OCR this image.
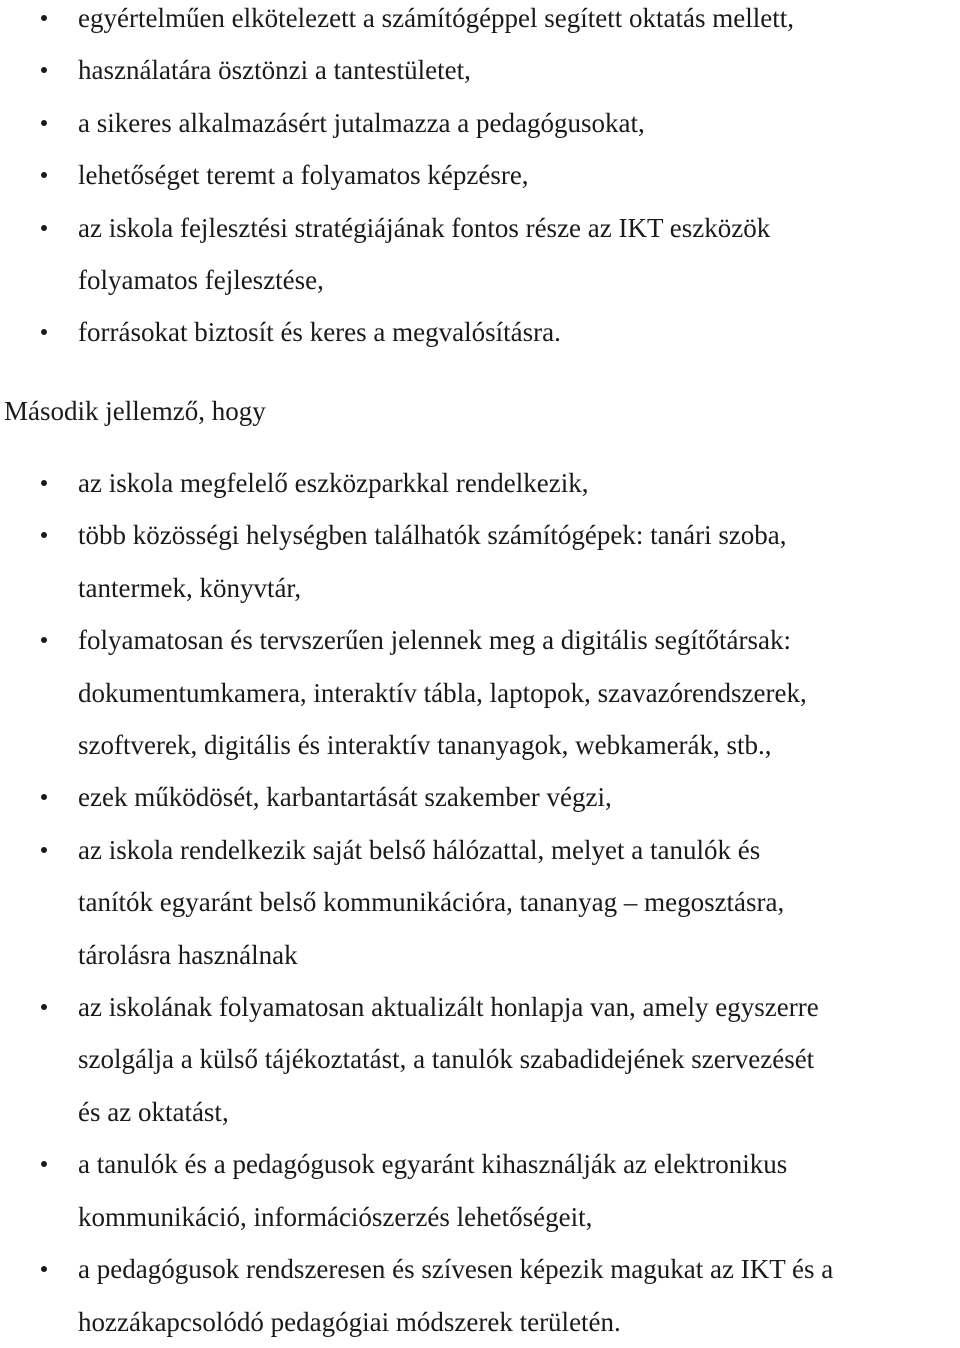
egyértelműen elkötelezett a számítógéppel segített oktatás mellett,
használatára ösztönzi a tantestületet,
a sikeres alkalmazásért jutalmazza a pedagógusokat,
lehetőséget teremt a folyamatos képzésre,
az iskola fejlesztési stratégiájának fontos része az IKT eszközök
folyamatos fejlesztése,
forrásokat biztosít és keres a megvalósításra.
Második jellemző, hogy
az iskola megfelelő eszközparkkal rendelkezik,
több közösségi helységben találhatók számítógépek: tanári szoba,
tantermek, könyvtár,
folyamatosan és tervszerűen jelennek meg a digitális segítőtársak:
dokumentumkamera, interaktív tábla, laptopok, szavazórendszerek,
szoftverek, digitális és interaktív tananyagok, webkamerák, stb.,
ezek működösét, karbantartását szakember végzi,
az iskola rendelkezik saját belső hálózattal, melyet a tanulók és
tanítók egyaránt belső kommunikációra, tananyag – megosztásra,
tárolásra használnak
az iskolának folyamatosan aktualizált honlapja van, amely egyszerre
szolgálja a külső tájékoztatást, a tanulók szabadidejének szervezését
és az oktatást,
a tanulók és a pedagógusok egyaránt kihasználják az elektronikus
kommunikáció, információszerzés lehetőségeit,
a pedagógusok rendszeresen és szívesen képezik magukat az IKT és a
hozzákapcsolódó pedagógiai módszerek területén.
